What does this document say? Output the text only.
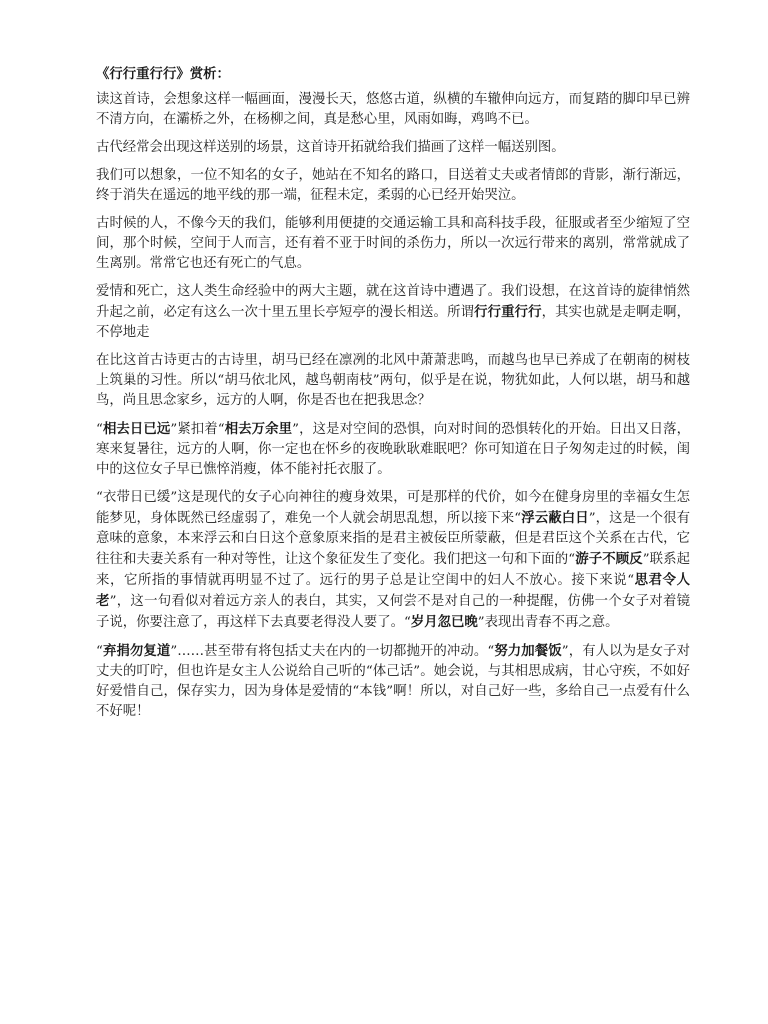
《行行重行行》赏析：

读这首诗，会想象这样一幅画面，漫漫长天，悠悠古道，纵横的车辙伸向远方，而复踏的脚印早已辨不清方向，在灞桥之外，在杨柳之间，真是愁心里，风雨如晦，鸡鸣不已。

古代经常会出现这样送别的场景，这首诗开拓就给我们描画了这样一幅送别图。

我们可以想象，一位不知名的女子，她站在不知名的路口，目送着丈夫或者情郎的背影，渐行渐远，终于消失在遥远的地平线的那一端，征程未定，柔弱的心已经开始哭泣。

古时候的人，不像今天的我们，能够利用便捷的交通运输工具和高科技手段，征服或者至少缩短了空间，那个时候，空间于人而言，还有着不亚于时间的杀伤力，所以一次远行带来的离别，常常就成了生离别。常常它也还有死亡的气息。

爱情和死亡，这人类生命经验中的两大主题，就在这首诗中遭遇了。我们设想，在这首诗的旋律悄然升起之前，必定有这么一次十里五里长亭短亭的漫长相送。所谓行行重行行，其实也就是走啊走啊，不停地走

在比这首古诗更古的古诗里，胡马已经在凛冽的北风中萧萧悲鸣，而越鸟也早已养成了在朝南的树枝上筑巢的习性。所以“胡马依北风，越鸟朝南枝”两句，似乎是在说，物犹如此，人何以堪，胡马和越鸟，尚且思念家乡，远方的人啊，你是否也在把我思念？

“相去日已远”紧扣着“相去万余里”，这是对空间的恐惧，向对时间的恐惧转化的开始。日出又日落，寒来复暑往，远方的人啊，你一定也在怀乡的夜晚耿耿难眠吧？你可知道在日子匆匆走过的时候，闺中的这位女子早已憔悴消瘦，体不能衬托衣服了。

“衣带日已缓”这是现代的女子心向神往的瘦身效果，可是那样的代价，如今在健身房里的幸福女生怎能梦见，身体既然已经虚弱了，难免一个人就会胡思乱想，所以接下来“浮云蔽白日”，这是一个很有意味的意象，本来浮云和白日这个意象原来指的是君主被佞臣所蒙蔽，但是君臣这个关系在古代，它往往和夫妻关系有一种对等性，让这个象征发生了变化。我们把这一句和下面的“游子不顾反”联系起来，它所指的事情就再明显不过了。远行的男子总是让空闺中的妇人不放心。接下来说“思君令人老”，这一句看似对着远方亲人的表白，其实，又何尝不是对自己的一种提醒，仿佛一个女子对着镜子说，你要注意了，再这样下去真要老得没人要了。“岁月忽已晚”表现出青春不再之意。

“弃捐勿复道”……甚至带有将包括丈夫在内的一切都抛开的冲动。“努力加餐饭”，有人以为是女子对丈夫的叮咛，但也许是女主人公说给自己听的“体己话”。她会说，与其相思成病，甘心守疾，不如好好爱惜自己，保存实力，因为身体是爱情的“本钱”啊！所以，对自己好一些，多给自己一点爱有什么不好呢！
